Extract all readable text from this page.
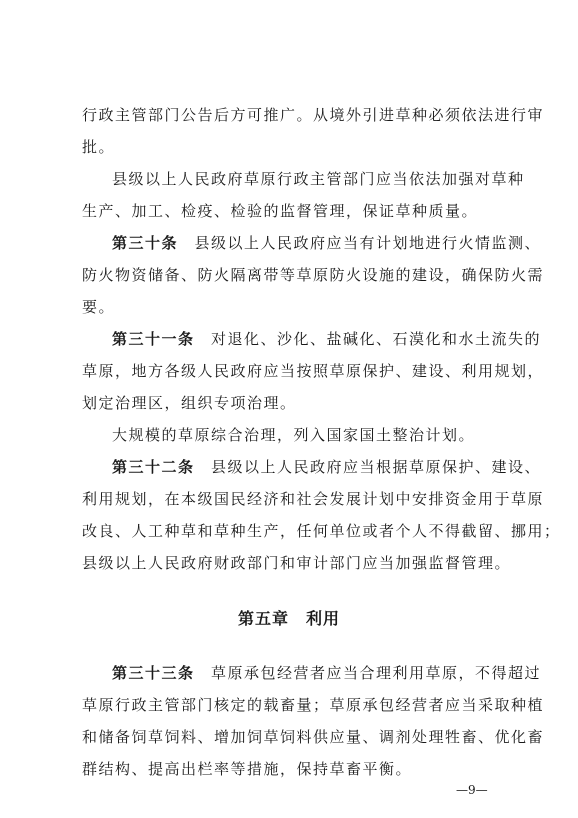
行政主管部门公告后方可推广。从境外引进草种必须依法进行审
批。
县级以上人民政府草原行政主管部门应当依法加强对草种
生产、加工、检疫、检验的监督管理，保证草种质量。
第三十条　县级以上人民政府应当有计划地进行火情监测、
防火物资储备、防火隔离带等草原防火设施的建设，确保防火需
要。
第三十一条　对退化、沙化、盐碱化、石漠化和水土流失的
草原，地方各级人民政府应当按照草原保护、建设、利用规划，
划定治理区，组织专项治理。
大规模的草原综合治理，列入国家国土整治计划。
第三十二条　县级以上人民政府应当根据草原保护、建设、
利用规划，在本级国民经济和社会发展计划中安排资金用于草原
改良、人工种草和草种生产，任何单位或者个人不得截留、挪用；
县级以上人民政府财政部门和审计部门应当加强监督管理。
第五章　利用
第三十三条　草原承包经营者应当合理利用草原，不得超过
草原行政主管部门核定的载畜量；草原承包经营者应当采取种植
和储备饲草饲料、增加饲草饲料供应量、调剂处理牲畜、优化畜
群结构、提高出栏率等措施，保持草畜平衡。
—9—
